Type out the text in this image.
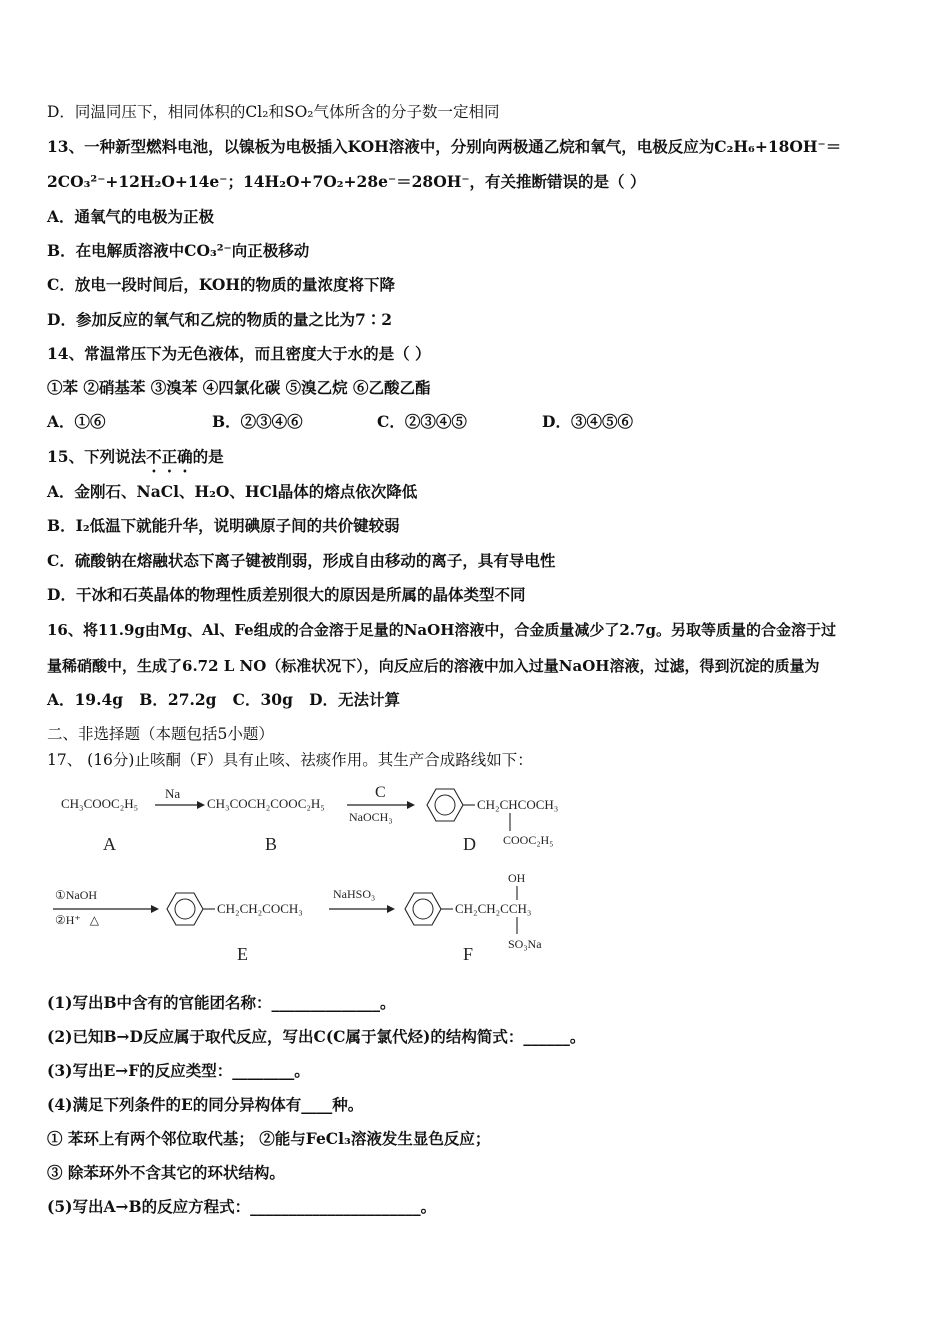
D．同温同压下，相同体积的Cl₂和SO₂气体所含的分子数一定相同
13、一种新型燃料电池，以镍板为电极插入KOH溶液中，分别向两极通乙烷和氧气，电极反应为C₂H₆+18OH⁻＝
2CO₃²⁻+12H₂O+14e⁻；14H₂O+7O₂+28e⁻＝28OH⁻，有关推断错误的是（ ）
A．通氧气的电极为正极
B．在电解质溶液中CO₃²⁻向正极移动
C．放电一段时间后，KOH的物质的量浓度将下降
D．参加反应的氧气和乙烷的物质的量之比为7∶2
14、常温常压下为无色液体，而且密度大于水的是（ ）
①苯 ②硝基苯 ③溴苯 ④四氯化碳 ⑤溴乙烷 ⑥乙酸乙酯
A．①⑥	B．②③④⑥	C．②③④⑤	D．③④⑤⑥
15、下列说法不正确的是
A．金刚石、NaCl、H₂O、HCl晶体的熔点依次降低
B．I₂低温下就能升华，说明碘原子间的共价键较弱
C．硫酸钠在熔融状态下离子键被削弱，形成自由移动的离子，具有导电性
D．干冰和石英晶体的物理性质差别很大的原因是所属的晶体类型不同
16、将11.9g由Mg、Al、Fe组成的合金溶于足量的NaOH溶液中，合金质量减少了2.7g。另取等质量的合金溶于过
量稀硝酸中，生成了6.72 L NO（标准状况下），向反应后的溶液中加入过量NaOH溶液，过滤，得到沉淀的质量为
A．19.4g   B．27.2g   C．30g   D．无法计算
二、非选择题（本题包括5小题）
17、 (16分)止咳酮（F）具有止咳、祛痰作用。其生产合成路线如下：
CH₃COOC₂H₅
A
Na
CH₃COCH₂COOC₂H₅
B
C
NaOCH₃
CH₂CHCOCH₃
COOC₂H₅
D
①NaOH
②H⁺   △
CH₂CH₂COCH₃
E
NaHSO₃
CH₂CH₂CCH₃
OH
SO₃Na
F
(1)写出B中含有的官能团名称：______________。
(2)已知B→D反应属于取代反应，写出C(C属于氯代烃)的结构简式：______。
(3)写出E→F的反应类型：________。
(4)满足下列条件的E的同分异构体有____种。
① 苯环上有两个邻位取代基； ②能与FeCl₃溶液发生显色反应；
③ 除苯环外不含其它的环状结构。
(5)写出A→B的反应方程式：______________________。
